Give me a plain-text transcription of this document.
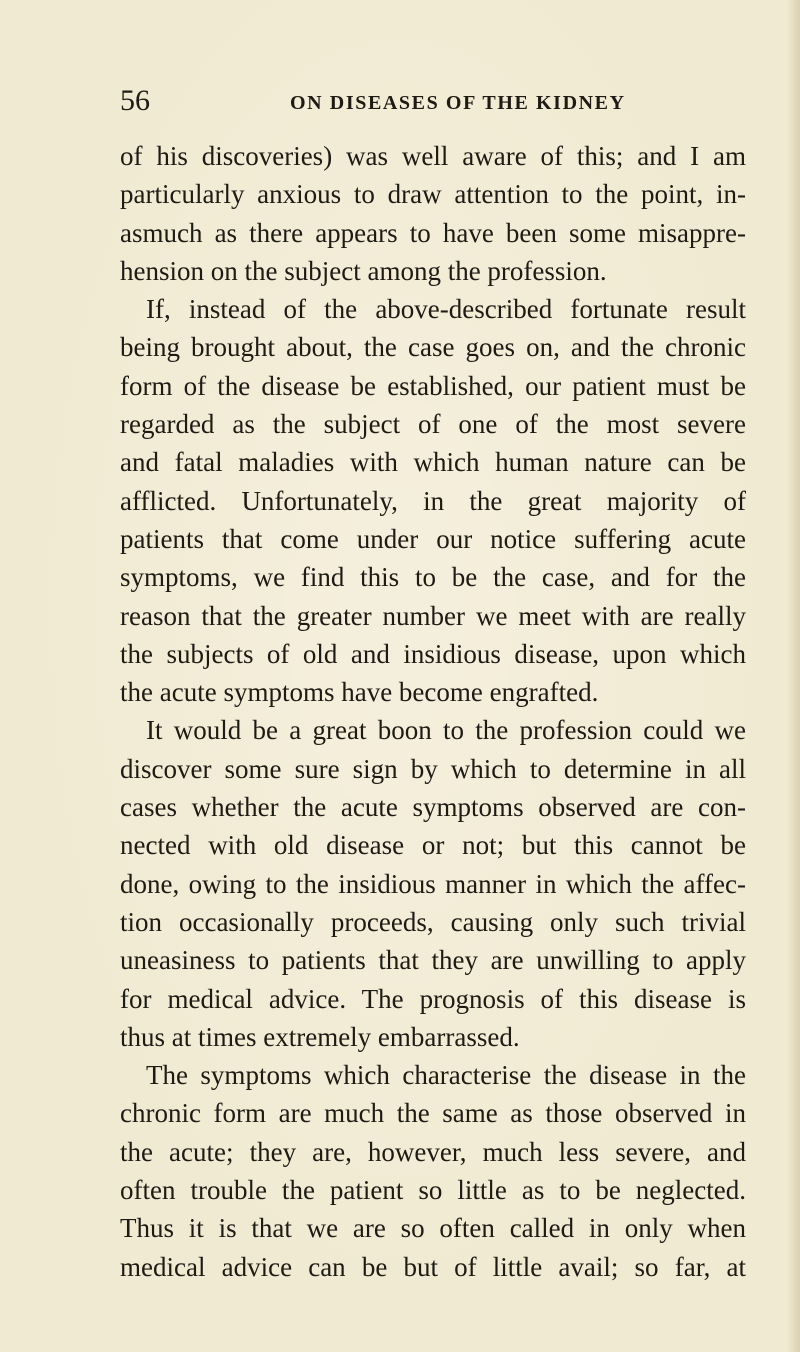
56	ON DISEASES OF THE KIDNEY
of his discoveries) was well aware of this; and I am
particularly anxious to draw attention to the point, in-
asmuch as there appears to have been some misappre-
hension on the subject among the profession.
If, instead of the above-described fortunate result
being brought about, the case goes on, and the chronic
form of the disease be established, our patient must be
regarded as the subject of one of the most severe
and fatal maladies with which human nature can be
afflicted. Unfortunately, in the great majority of
patients that come under our notice suffering acute
symptoms, we find this to be the case, and for the
reason that the greater number we meet with are really
the subjects of old and insidious disease, upon which
the acute symptoms have become engrafted.
It would be a great boon to the profession could we
discover some sure sign by which to determine in all
cases whether the acute symptoms observed are con-
nected with old disease or not; but this cannot be
done, owing to the insidious manner in which the affec-
tion occasionally proceeds, causing only such trivial
uneasiness to patients that they are unwilling to apply
for medical advice. The prognosis of this disease is
thus at times extremely embarrassed.
The symptoms which characterise the disease in the
chronic form are much the same as those observed in
the acute; they are, however, much less severe, and
often trouble the patient so little as to be neglected.
Thus it is that we are so often called in only when
medical advice can be but of little avail; so far, at
